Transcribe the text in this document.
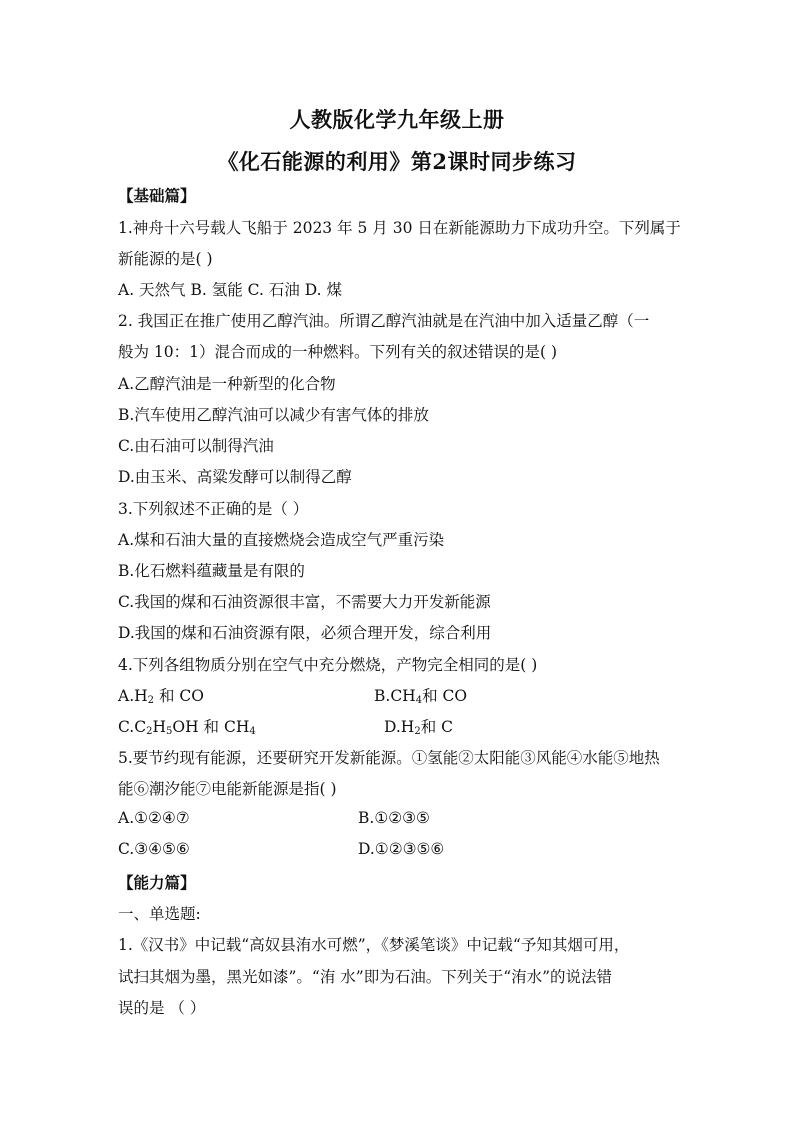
人教版化学九年级上册
《化石能源的利用》第2课时同步练习
【基础篇】
1.神舟十六号载人飞船于 2023 年 5 月 30 日在新能源助力下成功升空。下列属于
新能源的是( )
A. 天然气 B. 氢能 C. 石油 D. 煤
2. 我国正在推广使用乙醇汽油。所谓乙醇汽油就是在汽油中加入适量乙醇（一
般为 10：1）混合而成的一种燃料。下列有关的叙述错误的是( )
A.乙醇汽油是一种新型的化合物
B.汽车使用乙醇汽油可以减少有害气体的排放
C.由石油可以制得汽油
D.由玉米、高粱发酵可以制得乙醇
3.下列叙述不正确的是（ ）
A.煤和石油大量的直接燃烧会造成空气严重污染
B.化石燃料蕴藏量是有限的
C.我国的煤和石油资源很丰富，不需要大力开发新能源
D.我国的煤和石油资源有限，必须合理开发，综合利用
4.下列各组物质分别在空气中充分燃烧，产物完全相同的是( )
$A.H_2$ 和 CO	$B.CH_4$和 CO
$C.C_2H_5OH$ 和 $CH_4$	$D.H_2$和 C
5.要节约现有能源，还要研究开发新能源。①氢能②太阳能③风能④水能⑤地热
能⑥潮汐能⑦电能新能源是指( )
A.①②④⑦	B.①②③⑤
C.③④⑤⑥	D.①②③⑤⑥
【能力篇】
一、单选题:
1.《汉书》中记载“高奴县洧水可燃”，《梦溪笔谈》中记载“予知其烟可用，
试扫其烟为墨，黑光如漆”。“洧 水”即为石油。下列关于“洧水”的说法错
误的是 （ ）
